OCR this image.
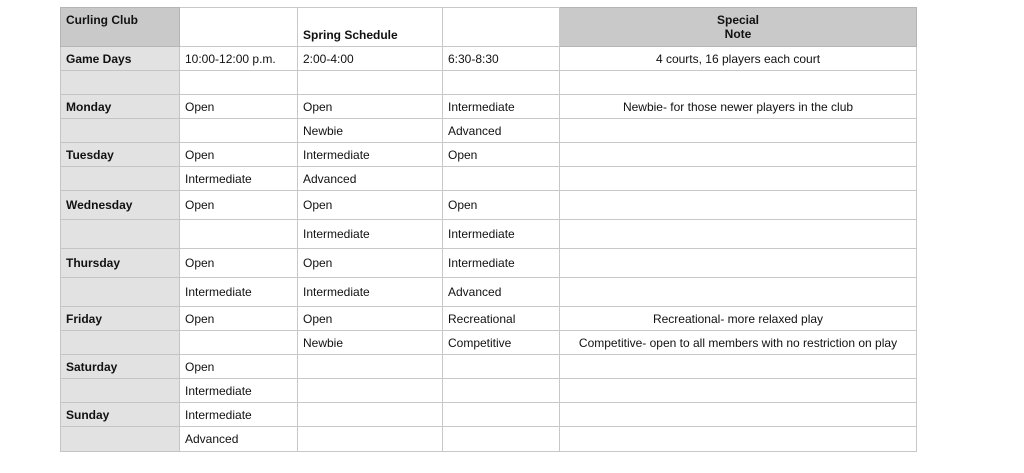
Curling Club		Spring Schedule		Special
Note

Game Days	10:00-12:00 p.m.	2:00-4:00	6:30-8:30	4 courts, 16 players each court

Monday	Open	Open	Intermediate	Newbie- for those newer players in the club
		Newbie	Advanced	
Tuesday	Open	Intermediate	Open	
	Intermediate	Advanced		
Wednesday	Open	Open	Open	
		Intermediate	Intermediate	
Thursday	Open	Open	Intermediate	
	Intermediate	Intermediate	Advanced	
Friday	Open	Open	Recreational	Recreational- more relaxed play
		Newbie	Competitive	Competitive- open to all members with no restriction on play
Saturday	Open			
	Intermediate			
Sunday	Intermediate			
	Advanced			
